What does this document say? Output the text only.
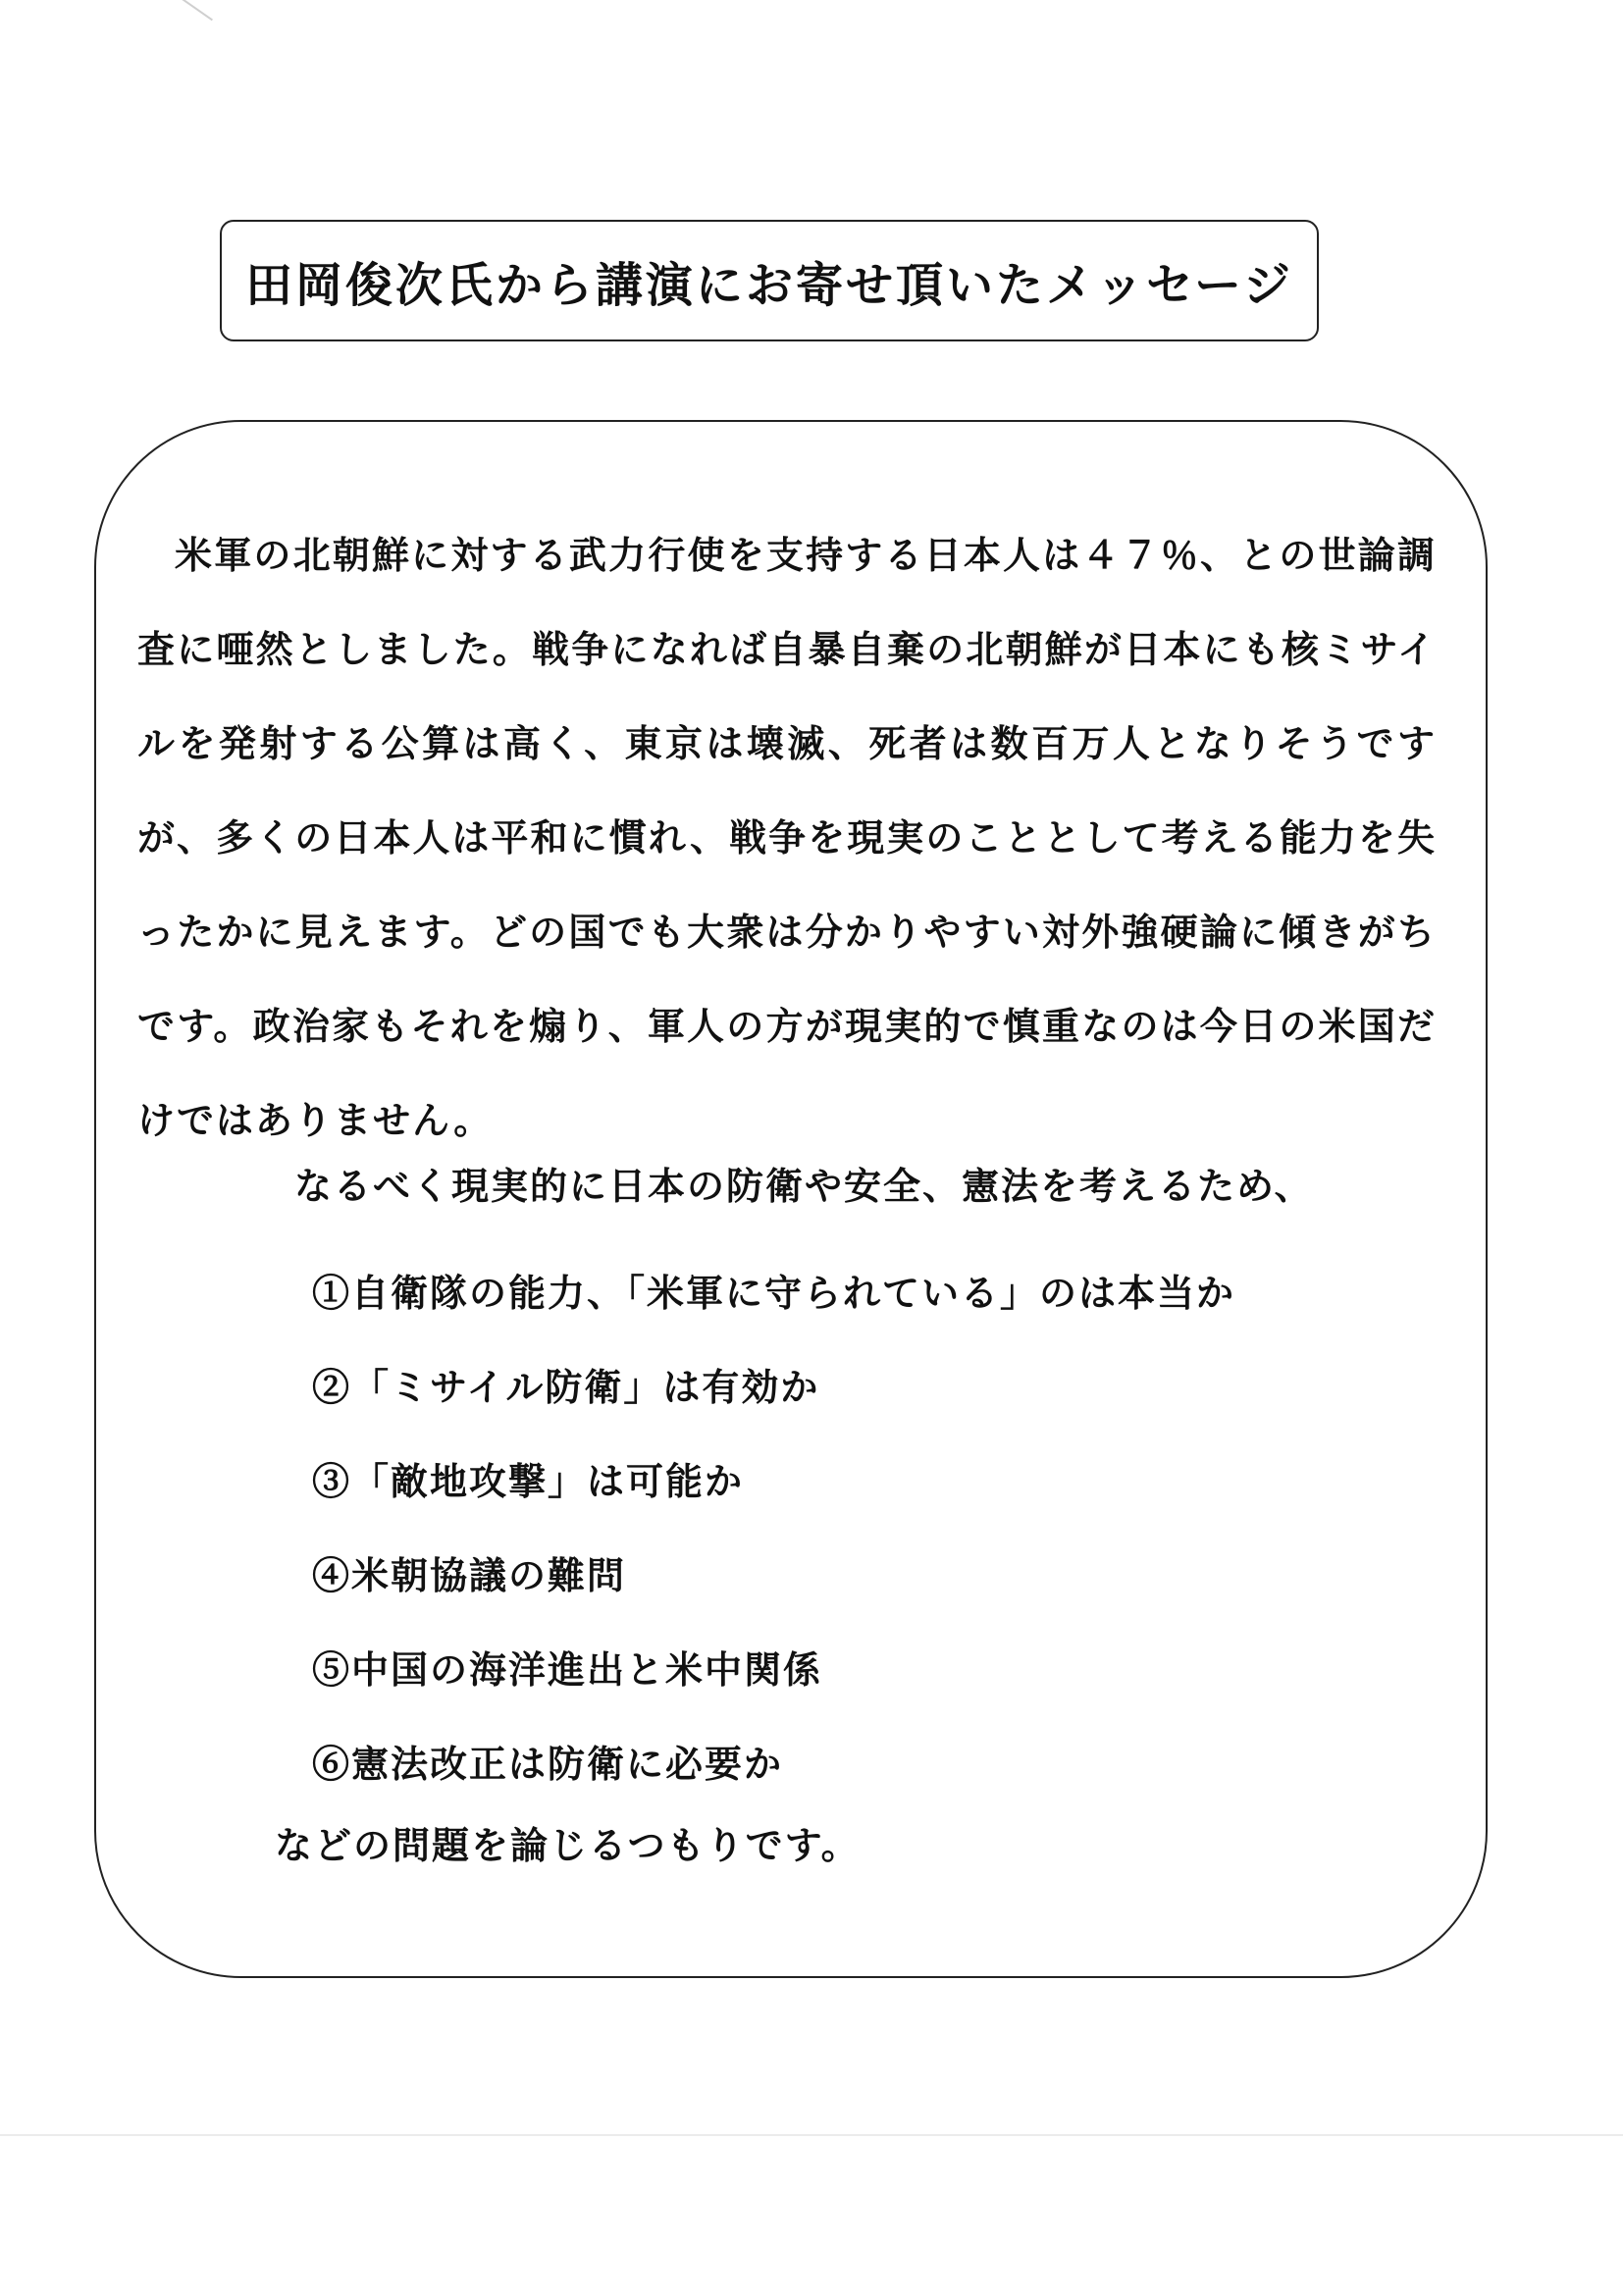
田岡俊次氏から講演にお寄せ頂いたメッセージ
米軍の北朝鮮に対する武力行使を支持する日本人は４７％、との世論調査に唖然としました。戦争になれば自暴自棄の北朝鮮が日本にも核ミサイルを発射する公算は高く、東京は壊滅、死者は数百万人となりそうですが、多くの日本人は平和に慣れ、戦争を現実のこととして考える能力を失ったかに見えます。どの国でも大衆は分かりやすい対外強硬論に傾きがちです。政治家もそれを煽り、軍人の方が現実的で慎重なのは今日の米国だけではありません。
なるべく現実的に日本の防衛や安全、憲法を考えるため、
①自衛隊の能力、「米軍に守られている」のは本当か
②「ミサイル防衛」は有効か
③「敵地攻撃」は可能か
④米朝協議の難問
⑤中国の海洋進出と米中関係
⑥憲法改正は防衛に必要か
などの問題を論じるつもりです。
